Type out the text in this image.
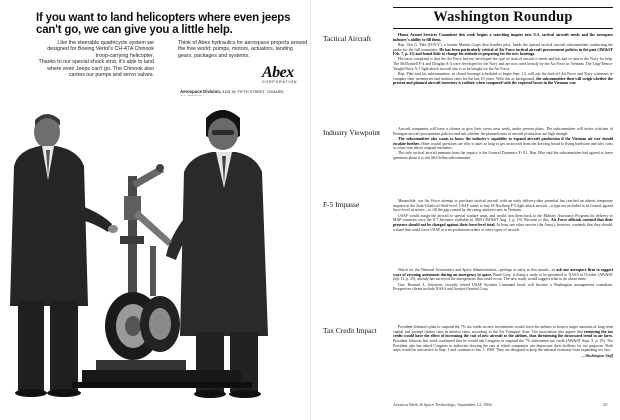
If you want to land helicopters where even jeeps can't go, we can give you a little help.

Like the steerable quadricycle system we designed for Boeing Vertol's CH-47A Chinook troop-carrying helicopter.

Thanks to our special shock strut, it's able to land where even Jeeps can't go. The Chinook also carries our pumps and servo valves.

Think of Abex hydraulics for aerospace projects around the free world: pumps, motors, actuators, landing gears, packages and systems.
Abex
CORPORATION
Aerospace Division, 3151 W. FIFTH STREET, OXNARD,
Washington Roundup
Tactical Aircraft	House Armed Services Committee this week begins a searching inquiry into U.S. tactical aircraft needs and the aerospace industry's ability to fill them.

Rep. Otis G. Pike (D-N.Y.), a former Marine Corps dive bomber pilot, heads the special tactical aircraft subcommittee conducting the probe for the full committee. He has been particularly critical of Air Force tactical aircraft procurement policies in the past (AW&ST Feb. 7, p. 21) and found little to change his attitude in preparing for the new hearings.

His basic complaint is that the Air Force has not developed the type of tactical aircraft it needs and has had to turn to the Navy for help. The McDonnell F-4 and Douglas A-4 were developed by the Navy and are now used heavily by the Air Force in Vietnam. The Ling-Temco-Vought/Navy A-7 light attack aircraft also is to be bought for the Air Force.

Rep. Pike said his subcommittee, in closed hearings scheduled to begin Sept. 14, will ask the lead-off Air Force and Navy witnesses to compare their inventories and attrition rates for the last 10 years. With this as background, the subcommittee then will weigh whether the present and planned aircraft inventory is realistic when compared with the expected losses in the Vietnam war.

Industry Viewpoint	Aircraft companies will have a chance to give their views next week, under present plans. The subcommittee will invite criticism of Pentagon aircraft procurement policies and ask whether the planned rates of aircraft production are high enough.

The subcommittee also wants to know the industry's capability to expand aircraft production if the Vietnam air war should escalate further. Other crucial questions are why it takes so long to get an aircraft from the drawing board to flying hardware and why costs so often soar above original estimates.

The only tactical aircraft immune from the inquiry is the General Dynamics F-111. Rep. Pike said the subcommittee had agreed to leave questions about it to the McClellan subcommittee.

F-5 Impasse	Meanwhile, our Air Force attempt to purchase tactical aircraft with an early delivery-date potential has reached an almost temporary impasse at the Joint-Chiefs-of-Staff level. USAF wants to buy 65 Northrop F-5 light attack aircraft—a type not included in its formal, agreed force-level structure—to fill the gap caused by the rising attrition rates in Vietnam.

USAF would assign the aircraft to special warfare units, and would turn them back to the Military Assistance Program for delivery to MAP countries once the A-7 becomes available in 1969 (AW&ST Aug. 1, p. 19). Because of this, Air Force officials contend that their presence should not be charged against their force-level total. At least one other service (the Army), however, contends that they should, a stand that could force USAF to trim production orders of other types of aircraft.

Watch for the National Aeronautics and Space Administration—perhaps as early as this month—to ask one aerospace firm to suggest ways of rescuing astronauts during an emergency in space. Rand Corp. is doing a study to be presented to NASA in October (AW&ST July 11, p. 25), already has surveyed the emergencies that could occur. The new study would suggest what to do about them.

Gen. Bernard A. Schriever, recently retired USAF Systems Command head, will become a Washington management consultant. Prospective clients include NASA and Aerojet-General Corp.

Tax Credit Impact	President Johnson's plan to suspend the 7% tax credit on new investments would force the airlines to borrow larger amounts of long-term capital and prompt further rises in interest rates, according to the Air Transport Assn. The association also argues that removing the tax credit would have the effect of increasing the cost of new aircraft to the airlines, thus threatening the downward trend in air fares. President Johnson last week confirmed that he would ask Congress to suspend the 7% investment tax credit (AW&ST Sept. 5, p. 25). The President also has asked Congress to authorize slowing the rate at which companies can depreciate their facilities for tax purposes. Both steps would be retroactive to Sept. 1 and continue to Jan. 1, 1968. They are designed to keep the national economy from expanding too fast.

—Washington Staff
Aviation Week & Space Technology, September 12, 1966	25
